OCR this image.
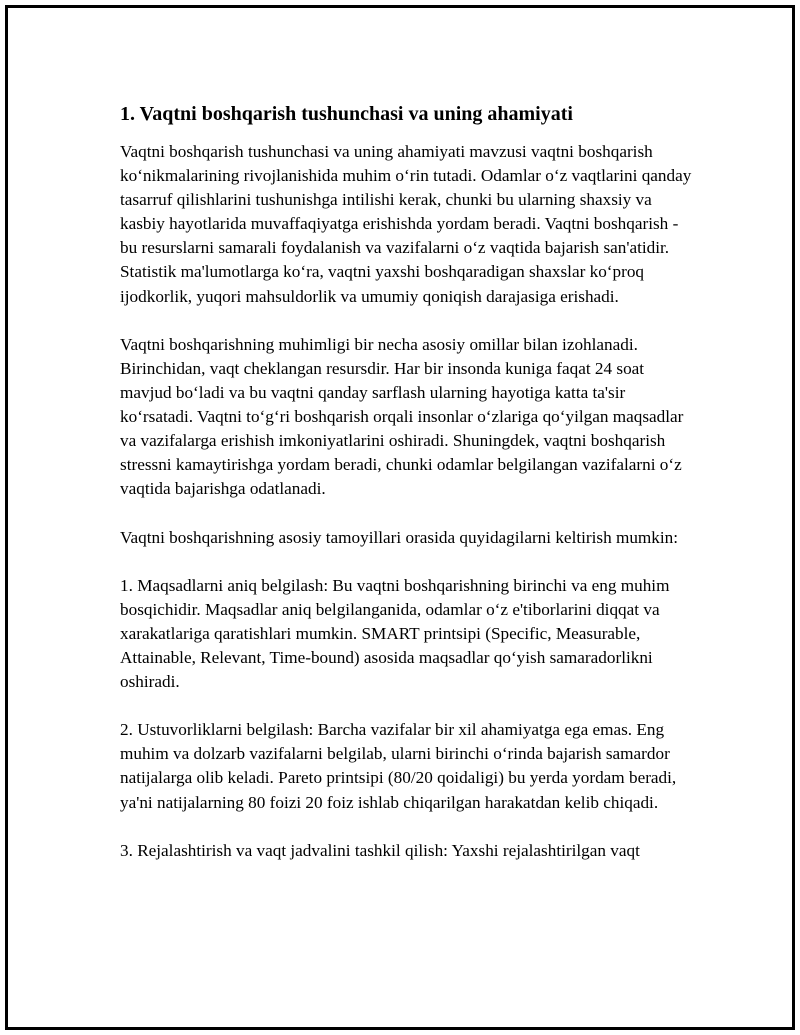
1. Vaqtni boshqarish tushunchasi va uning ahamiyati

Vaqtni boshqarish tushunchasi va uning ahamiyati mavzusi vaqtni boshqarish ko‘nikmalarining rivojlanishida muhim o‘rin tutadi. Odamlar o‘z vaqtlarini qanday tasarruf qilishlarini tushunishga intilishi kerak, chunki bu ularning shaxsiy va kasbiy hayotlarida muvaffaqiyatga erishishda yordam beradi. Vaqtni boshqarish - bu resurslarni samarali foydalanish va vazifalarni o‘z vaqtida bajarish san'atidir. Statistik ma'lumotlarga ko‘ra, vaqtni yaxshi boshqaradigan shaxslar ko‘proq ijodkorlik, yuqori mahsuldorlik va umumiy qoniqish darajasiga erishadi.

Vaqtni boshqarishning muhimligi bir necha asosiy omillar bilan izohlanadi. Birinchidan, vaqt cheklangan resursdir. Har bir insonda kuniga faqat 24 soat mavjud bo‘ladi va bu vaqtni qanday sarflash ularning hayotiga katta ta'sir ko‘rsatadi. Vaqtni to‘g‘ri boshqarish orqali insonlar o‘zlariga qo‘yilgan maqsadlar va vazifalarga erishish imkoniyatlarini oshiradi. Shuningdek, vaqtni boshqarish stressni kamaytirishga yordam beradi, chunki odamlar belgilangan vazifalarni o‘z vaqtida bajarishga odatlanadi.

Vaqtni boshqarishning asosiy tamoyillari orasida quyidagilarni keltirish mumkin:

1. Maqsadlarni aniq belgilash: Bu vaqtni boshqarishning birinchi va eng muhim bosqichidir. Maqsadlar aniq belgilanganida, odamlar o‘z e'tiborlarini diqqat va xarakatlariga qaratishlari mumkin. SMART printsipi (Specific, Measurable, Attainable, Relevant, Time-bound) asosida maqsadlar qo‘yish samaradorlikni oshiradi.

2. Ustuvorliklarni belgilash: Barcha vazifalar bir xil ahamiyatga ega emas. Eng muhim va dolzarb vazifalarni belgilab, ularni birinchi o‘rinda bajarish samardor natijalarga olib keladi. Pareto printsipi (80/20 qoidaligi) bu yerda yordam beradi, ya'ni natijalarning 80 foizi 20 foiz ishlab chiqarilgan harakatdan kelib chiqadi.

3. Rejalashtirish va vaqt jadvalini tashkil qilish: Yaxshi rejalashtirilgan vaqt
